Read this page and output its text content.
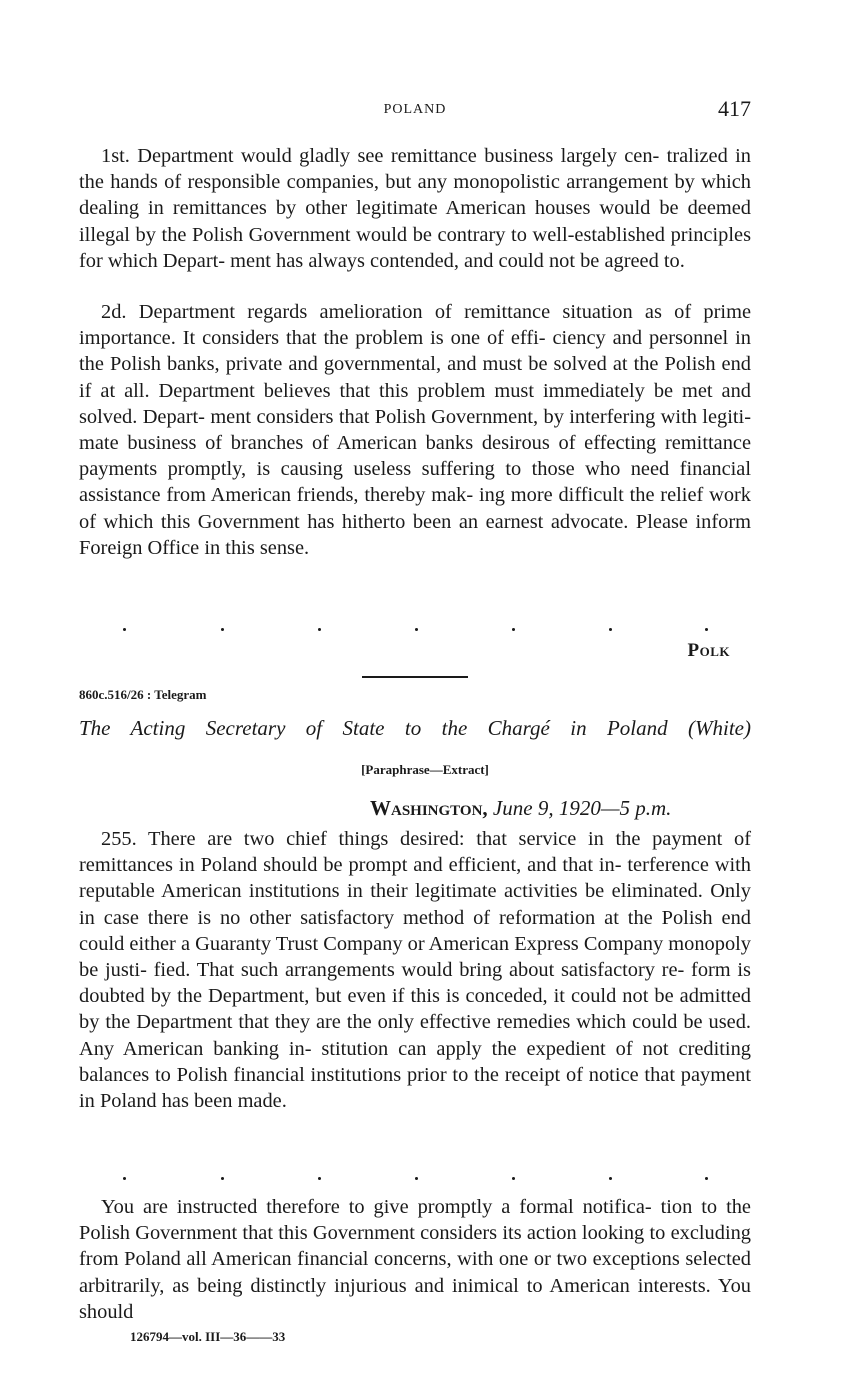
POLAND	417

1st. Department would gladly see remittance business largely cen- tralized in the hands of responsible companies, but any monopolistic arrangement by which dealing in remittances by other legitimate American houses would be deemed illegal by the Polish Government would be contrary to well-established principles for which Depart- ment has always contended, and could not be agreed to.

2d. Department regards amelioration of remittance situation as of prime importance. It considers that the problem is one of effi- ciency and personnel in the Polish banks, private and governmental, and must be solved at the Polish end if at all. Department believes that this problem must immediately be met and solved. Depart- ment considers that Polish Government, by interfering with legiti- mate business of branches of American banks desirous of effecting remittance payments promptly, is causing useless suffering to those who need financial assistance from American friends, thereby mak- ing more difficult the relief work of which this Government has hitherto been an earnest advocate. Please inform Foreign Office in this sense.

Polk
860c.516/26 : Telegram
The Acting Secretary of State to the Chargé in Poland (White)
[Paraphrase—Extract]
Washington, June 9, 1920—5 p.m.

255. There are two chief things desired: that service in the payment of remittances in Poland should be prompt and efficient, and that in- terference with reputable American institutions in their legitimate activities be eliminated. Only in case there is no other satisfactory method of reformation at the Polish end could either a Guaranty Trust Company or American Express Company monopoly be justi- fied. That such arrangements would bring about satisfactory re- form is doubted by the Department, but even if this is conceded, it could not be admitted by the Department that they are the only effective remedies which could be used. Any American banking in- stitution can apply the expedient of not crediting balances to Polish financial institutions prior to the receipt of notice that payment in Poland has been made.

You are instructed therefore to give promptly a formal notifica- tion to the Polish Government that this Government considers its action looking to excluding from Poland all American financial concerns, with one or two exceptions selected arbitrarily, as being distinctly injurious and inimical to American interests. You should

126794—vol. III—36——33
